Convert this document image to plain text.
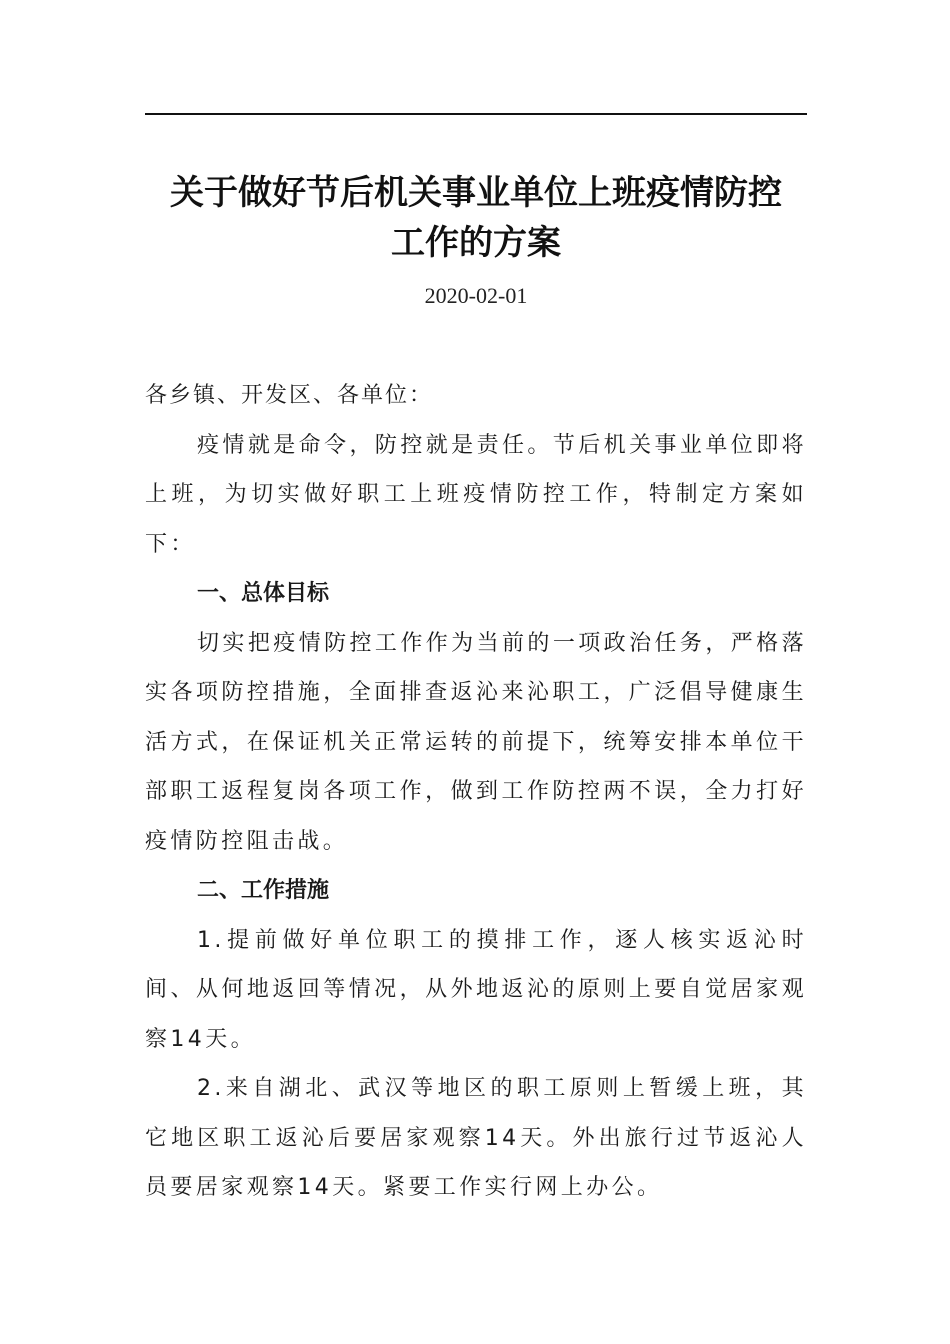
关于做好节后机关事业单位上班疫情防控
工作的方案
2020-02-01

各乡镇、开发区、各单位：

疫情就是命令，防控就是责任。节后机关事业单位即将上班，为切实做好职工上班疫情防控工作，特制定方案如下：

一、总体目标

切实把疫情防控工作作为当前的一项政治任务，严格落实各项防控措施，全面排查返沁来沁职工，广泛倡导健康生活方式，在保证机关正常运转的前提下，统筹安排本单位干部职工返程复岗各项工作，做到工作防控两不误，全力打好疫情防控阻击战。

二、工作措施

1.提前做好单位职工的摸排工作，逐人核实返沁时间、从何地返回等情况，从外地返沁的原则上要自觉居家观察14天。

2.来自湖北、武汉等地区的职工原则上暂缓上班，其它地区职工返沁后要居家观察14天。外出旅行过节返沁人员要居家观察14天。紧要工作实行网上办公。
